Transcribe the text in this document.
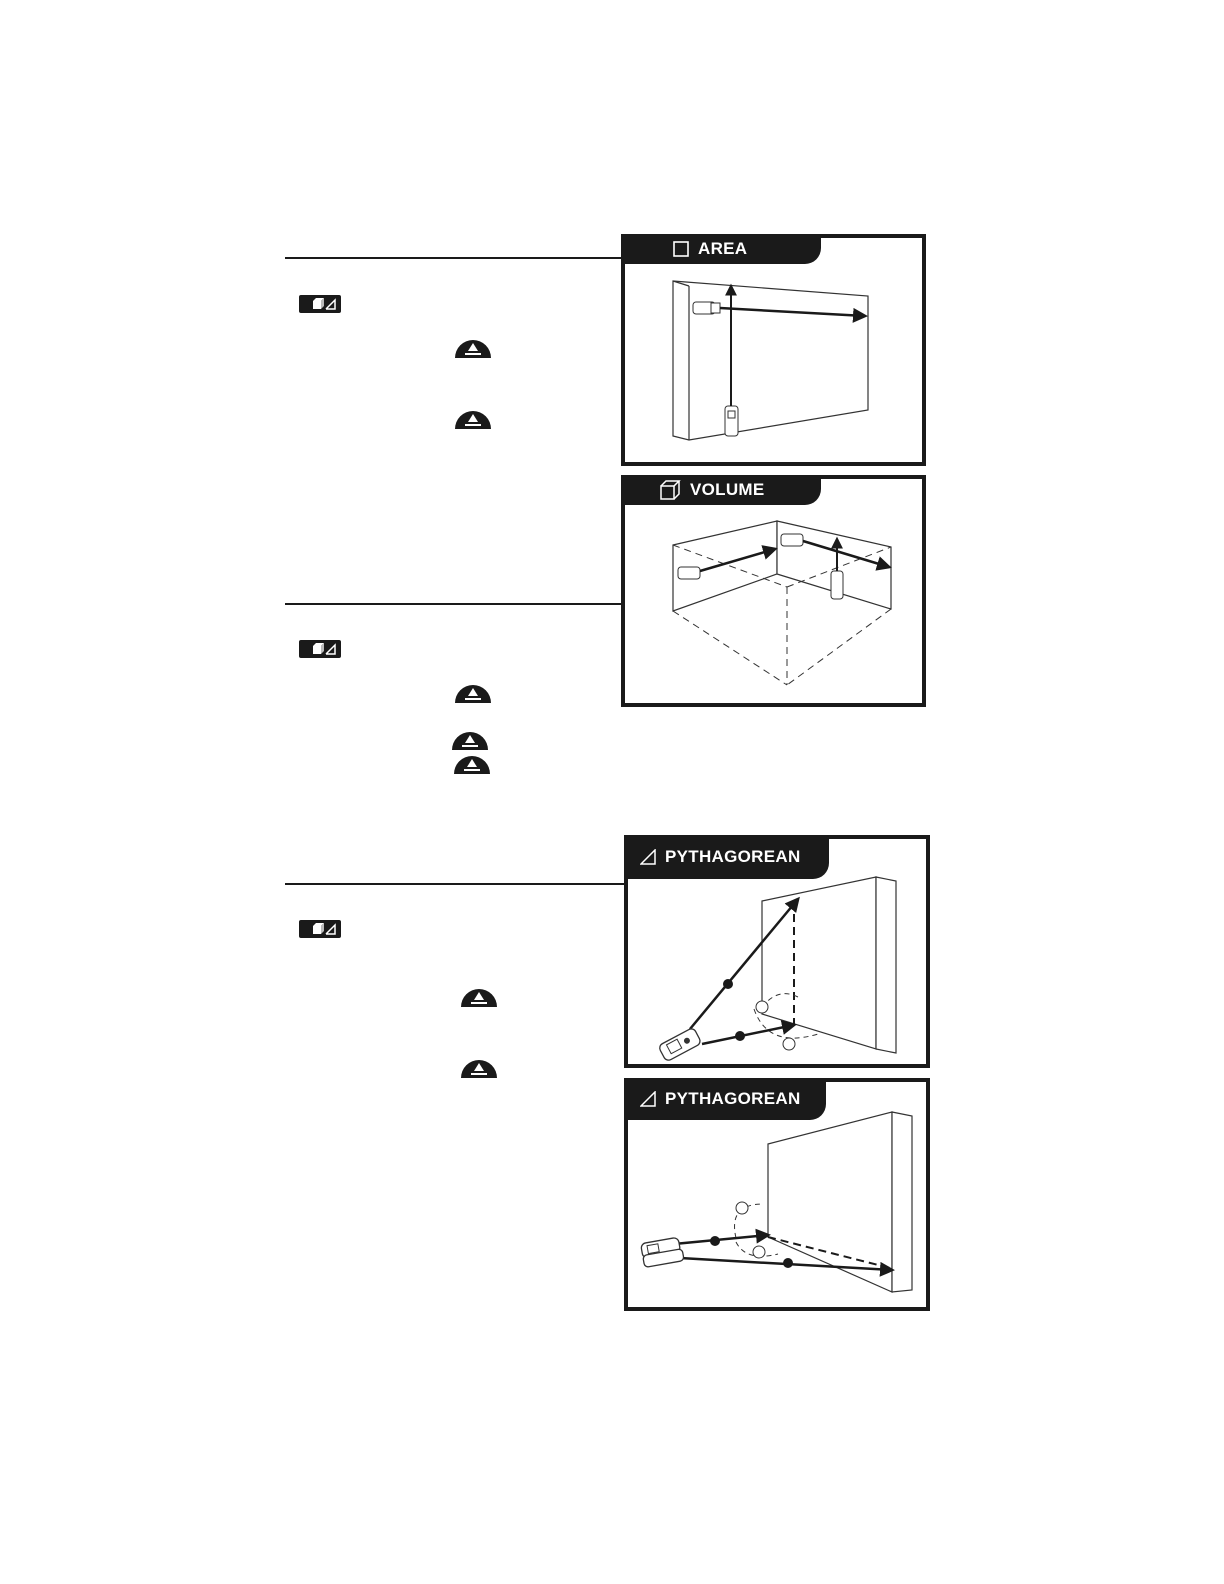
AREA
VOLUME
PYTHAGOREAN
PYTHAGOREAN
